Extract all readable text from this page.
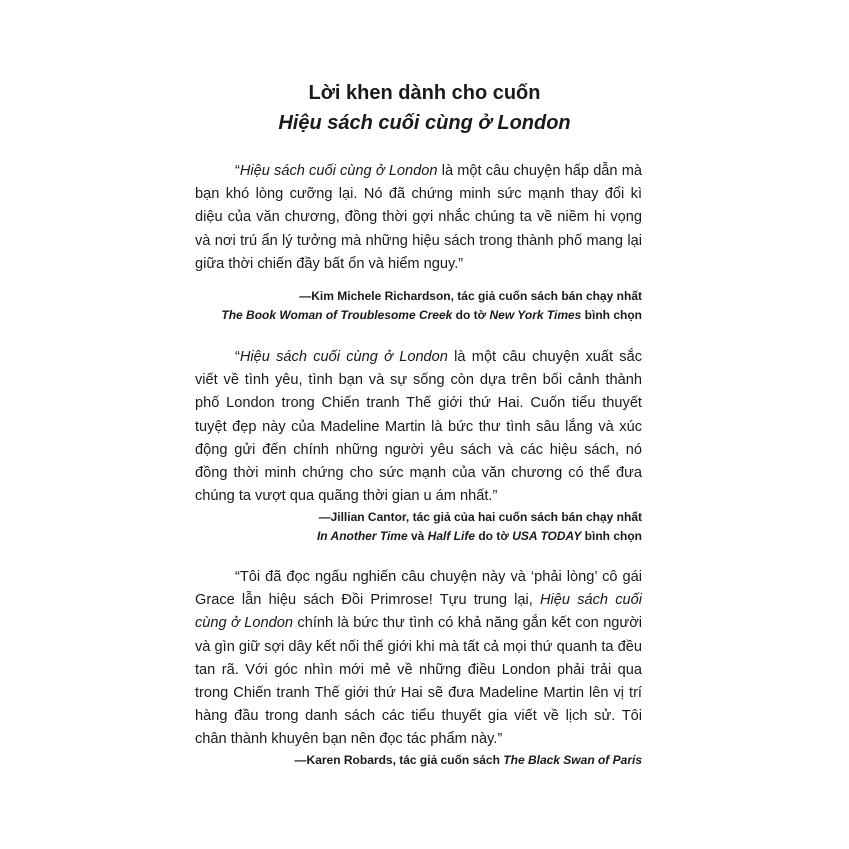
Lời khen dành cho cuốn
Hiệu sách cuối cùng ở London

“Hiệu sách cuối cùng ở London là một câu chuyện hấp dẫn mà bạn khó lòng cưỡng lại. Nó đã chứng minh sức mạnh thay đổi kì diệu của văn chương, đồng thời gợi nhắc chúng ta về niềm hi vọng và nơi trú ẩn lý tưởng mà những hiệu sách trong thành phố mang lại giữa thời chiến đầy bất ổn và hiểm nguy.”

—Kim Michele Richardson, tác giả cuốn sách bán chạy nhất
The Book Woman of Troublesome Creek do tờ New York Times bình chọn

“Hiệu sách cuối cùng ở London là một câu chuyện xuất sắc viết về tình yêu, tình bạn và sự sống còn dựa trên bối cảnh thành phố London trong Chiến tranh Thế giới thứ Hai. Cuốn tiểu thuyết tuyệt đẹp này của Madeline Martin là bức thư tình sâu lắng và xúc động gửi đến chính những người yêu sách và các hiệu sách, nó đồng thời minh chứng cho sức mạnh của văn chương có thể đưa chúng ta vượt qua quãng thời gian u ám nhất.”

—Jillian Cantor, tác giả của hai cuốn sách bán chạy nhất
In Another Time và Half Life do tờ USA TODAY bình chọn

“Tôi đã đọc ngấu nghiến câu chuyện này và ‘phải lòng’ cô gái Grace lẫn hiệu sách Đồi Primrose! Tựu trung lại, Hiệu sách cuối cùng ở London chính là bức thư tình có khả năng gắn kết con người và gìn giữ sợi dây kết nối thế giới khi mà tất cả mọi thứ quanh ta đều tan rã. Với góc nhìn mới mẻ về những điều London phải trải qua trong Chiến tranh Thế giới thứ Hai sẽ đưa Madeline Martin lên vị trí hàng đầu trong danh sách các tiểu thuyết gia viết về lịch sử. Tôi chân thành khuyên bạn nên đọc tác phẩm này.”

—Karen Robards, tác giả cuốn sách The Black Swan of Paris
